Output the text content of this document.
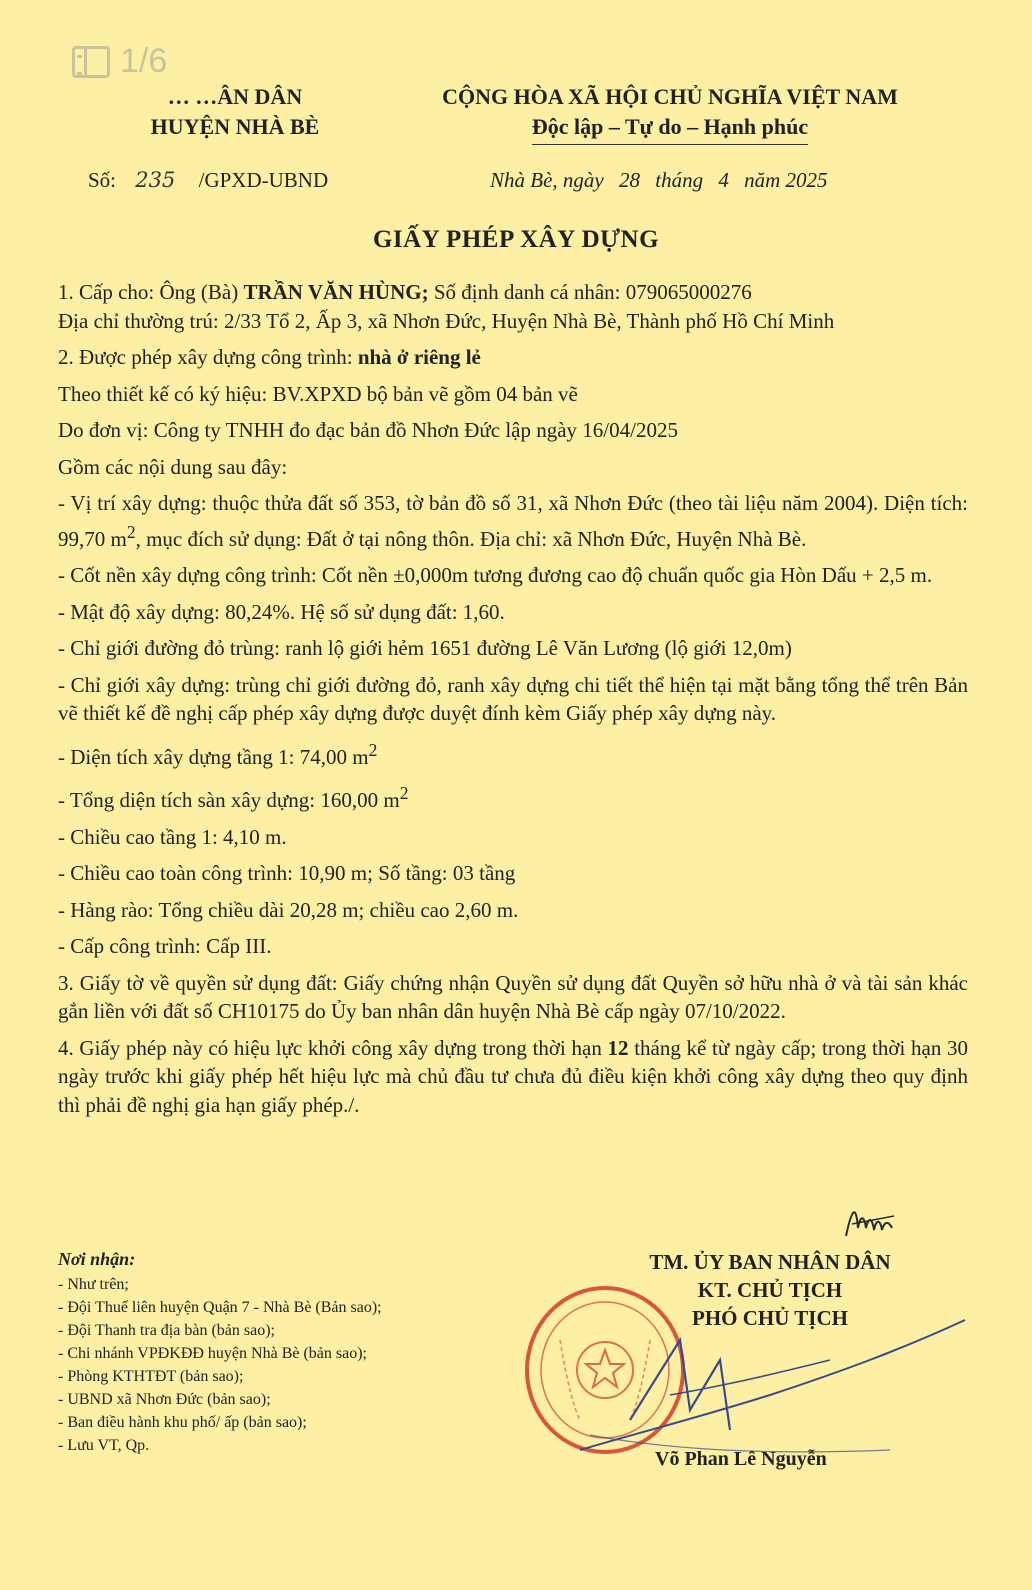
1/6
… …ÂN DÂN
HUYỆN NHÀ BÈ
CỘNG HÒA XÃ HỘI CHỦ NGHĨA VIỆT NAM
Độc lập – Tự do – Hạnh phúc
Số: 235 /GPXD-UBND	Nhà Bè, ngày 28 tháng 4 năm 2025
GIẤY PHÉP XÂY DỰNG

1. Cấp cho: Ông (Bà) TRẦN VĂN HÙNG; Số định danh cá nhân: 079065000276

Địa chỉ thường trú: 2/33 Tổ 2, Ấp 3, xã Nhơn Đức, Huyện Nhà Bè, Thành phố Hồ Chí Minh

2. Được phép xây dựng công trình: nhà ở riêng lẻ

Theo thiết kế có ký hiệu: BV.XPXD bộ bản vẽ gồm 04 bản vẽ

Do đơn vị: Công ty TNHH đo đạc bản đồ Nhơn Đức lập ngày 16/04/2025

Gồm các nội dung sau đây:

- Vị trí xây dựng: thuộc thửa đất số 353, tờ bản đồ số 31, xã Nhơn Đức (theo tài liệu năm 2004). Diện tích: 99,70 $m^2$, mục đích sử dụng: Đất ở tại nông thôn. Địa chỉ: xã Nhơn Đức, Huyện Nhà Bè.

- Cốt nền xây dựng công trình: Cốt nền ±0,000m tương đương cao độ chuẩn quốc gia Hòn Dấu + 2,5 m.

- Mật độ xây dựng: 80,24%. Hệ số sử dụng đất: 1,60.

- Chỉ giới đường đỏ trùng: ranh lộ giới hẻm 1651 đường Lê Văn Lương (lộ giới 12,0m)

- Chỉ giới xây dựng: trùng chỉ giới đường đỏ, ranh xây dựng chi tiết thể hiện tại mặt bằng tổng thể trên Bản vẽ thiết kế đề nghị cấp phép xây dựng được duyệt đính kèm Giấy phép xây dựng này.

- Diện tích xây dựng tầng 1: 74,00 $m^2$

- Tổng diện tích sàn xây dựng: 160,00 $m^2$

- Chiều cao tầng 1: 4,10 m.

- Chiều cao toàn công trình: 10,90 m; Số tầng: 03 tầng

- Hàng rào: Tổng chiều dài 20,28 m; chiều cao 2,60 m.

- Cấp công trình: Cấp III.

3. Giấy tờ về quyền sử dụng đất: Giấy chứng nhận Quyền sử dụng đất Quyền sở hữu nhà ở và tài sản khác gắn liền với đất số CH10175 do Ủy ban nhân dân huyện Nhà Bè cấp ngày 07/10/2022.

4. Giấy phép này có hiệu lực khởi công xây dựng trong thời hạn 12 tháng kể từ ngày cấp; trong thời hạn 30 ngày trước khi giấy phép hết hiệu lực mà chủ đầu tư chưa đủ điều kiện khởi công xây dựng theo quy định thì phải đề nghị gia hạn giấy phép./.

Nơi nhận:
- Như trên;
- Đội Thuế liên huyện Quận 7 - Nhà Bè (Bản sao);
- Đội Thanh tra địa bàn (bản sao);
- Chi nhánh VPĐKĐĐ huyện Nhà Bè (bản sao);
- Phòng KTHTĐT (bản sao);
- UBND xã Nhơn Đức (bản sao);
- Ban điều hành khu phố/ ấp (bản sao);
- Lưu VT, Qp.
TM. ỦY BAN NHÂN DÂN
KT. CHỦ TỊCH
PHÓ CHỦ TỊCH
Võ Phan Lê Nguyễn
